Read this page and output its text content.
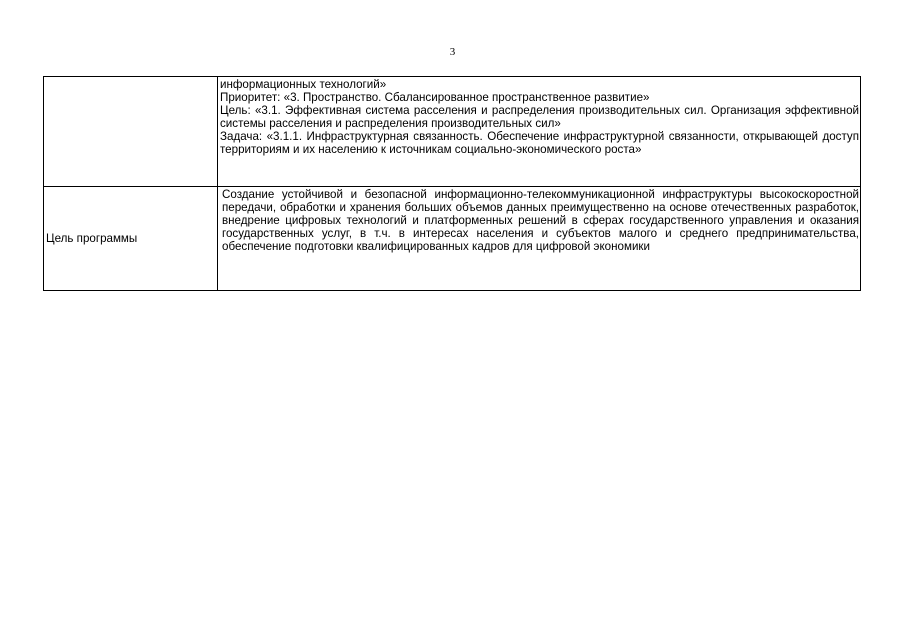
3

	информационных технологий»

Приоритет: «3. Пространство. Сбалансированное пространственное развитие»

Цель: «3.1. Эффективная система расселения и распределения производительных сил. Организация эффективной системы расселения и распределения производительных сил»

Задача: «3.1.1. Инфраструктурная связанность. Обеспечение инфраструктурной связанности, открывающей доступ территориям и их населению к источникам социально-экономического роста»

Цель программы	Создание устойчивой и безопасной информационно-телекоммуникационной инфраструктуры высокоскоростной передачи, обработки и хранения больших объемов данных преимущественно на основе отечественных разработок, внедрение цифровых технологий и платформенных решений в сферах государственного управления и оказания государственных услуг, в т.ч. в интересах населения и субъектов малого и среднего предпринимательства, обеспечение подготовки квалифицированных кадров для цифровой экономики
